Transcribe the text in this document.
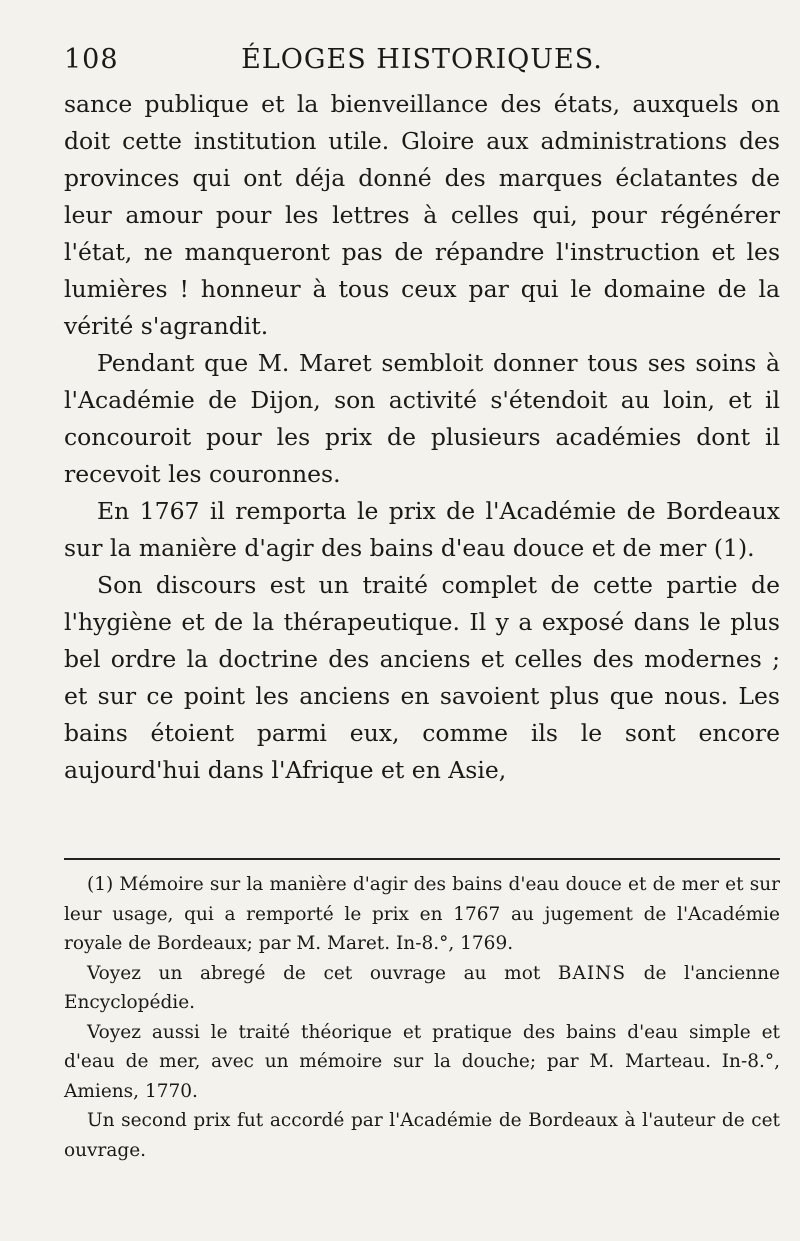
108	ÉLOGES HISTORIQUES.

sance publique et la bienveillance des états, auxquels on doit cette institution utile. Gloire aux administrations des provinces qui ont déja donné des marques éclatantes de leur amour pour les lettres à celles qui, pour régénérer l'état, ne manqueront pas de répandre l'instruction et les lumières ! honneur à tous ceux par qui le domaine de la vérité s'agrandit.

Pendant que M. Maret sembloit donner tous ses soins à l'Académie de Dijon, son activité s'étendoit au loin, et il concouroit pour les prix de plusieurs académies dont il recevoit les couronnes.

En 1767 il remporta le prix de l'Académie de Bordeaux sur la manière d'agir des bains d'eau douce et de mer (1).

Son discours est un traité complet de cette partie de l'hygiène et de la thérapeutique. Il y a exposé dans le plus bel ordre la doctrine des anciens et celles des modernes ; et sur ce point les anciens en savoient plus que nous. Les bains étoient parmi eux, comme ils le sont encore aujourd'hui dans l'Afrique et en Asie,

(1) Mémoire sur la manière d'agir des bains d'eau douce et de mer et sur leur usage, qui a remporté le prix en 1767 au jugement de l'Académie royale de Bordeaux; par M. Maret. In-8.°, 1769.

Voyez un abregé de cet ouvrage au mot BAINS de l'ancienne Encyclopédie.

Voyez aussi le traité théorique et pratique des bains d'eau simple et d'eau de mer, avec un mémoire sur la douche; par M. Marteau. In-8.°, Amiens, 1770.

Un second prix fut accordé par l'Académie de Bordeaux à l'auteur de cet ouvrage.
